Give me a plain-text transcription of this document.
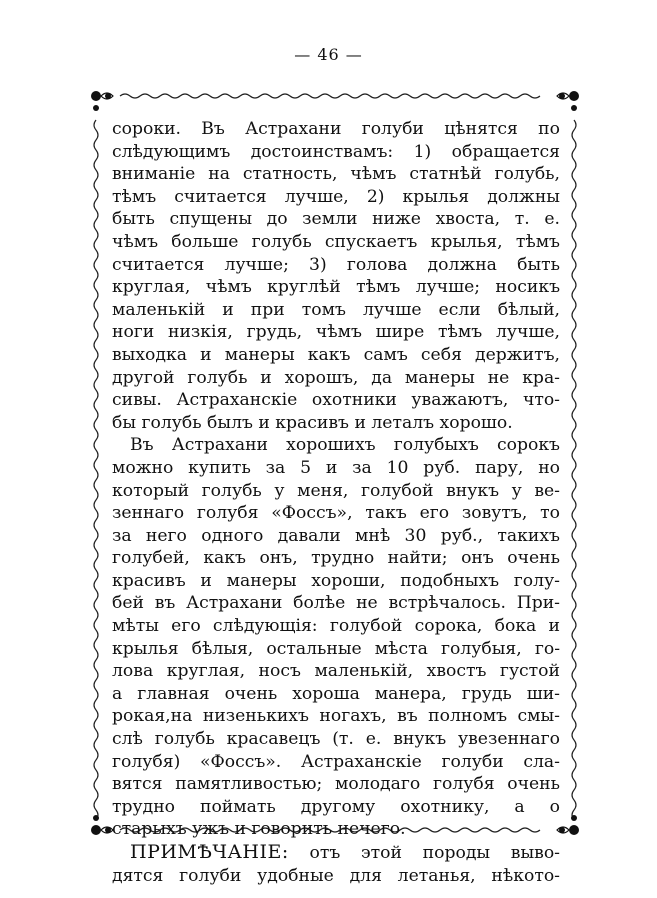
— 46 —
сороки. Въ Астрахани голуби цѣнятся по
слѣдующимъ достоинствамъ: 1) обращается
вниманіе на статность, чѣмъ статнѣй голубь,
тѣмъ считается лучше, 2) крылья должны
быть спущены до земли ниже хвоста, т. е.
чѣмъ больше голубь спускаетъ крылья, тѣмъ
считается лучше; 3) голова должна быть
круглая, чѣмъ круглѣй тѣмъ лучше; носикъ
маленькій и при томъ лучше если бѣлый,
ноги низкія, грудь, чѣмъ шире тѣмъ лучше,
выходка и манеры какъ самъ себя держитъ,
другой голубь и хорошъ, да манеры не кра-
сивы. Астраханскіе охотники уважаютъ, что-
бы голубь былъ и красивъ и леталъ хорошо.
Въ Астрахани хорошихъ голубыхъ сорокъ
можно купить за 5 и за 10 руб. пару, но
который голубь у меня, голубой внукъ у ве-
зеннаго голубя «Фоссъ», такъ его зовутъ, то
за него одного давали мнѣ 30 руб., такихъ
голубей, какъ онъ, трудно найти; онъ очень
красивъ и манеры хороши, подобныхъ голу-
бей въ Астрахани болѣе не встрѣчалось. При-
мѣты его слѣдующія: голубой сорока, бока и
крылья бѣлыя, остальные мѣста голубыя, го-
лова круглая, носъ маленькій, хвостъ густой
а главная очень хороша манера, грудь ши-
рокая,на низенькихъ ногахъ, въ полномъ смы-
слѣ голубь красавецъ (т. е. внукъ увезеннаго
голубя) «Фоссъ». Астраханскіе голуби сла-
вятся памятливостью; молодаго голубя очень
трудно поймать другому охотнику, а о
старыхъ ужъ и говорить нечего.
ПРИМѢЧАНІЕ: отъ этой породы выво-
дятся голуби удобные для летанья, нѣкото-
